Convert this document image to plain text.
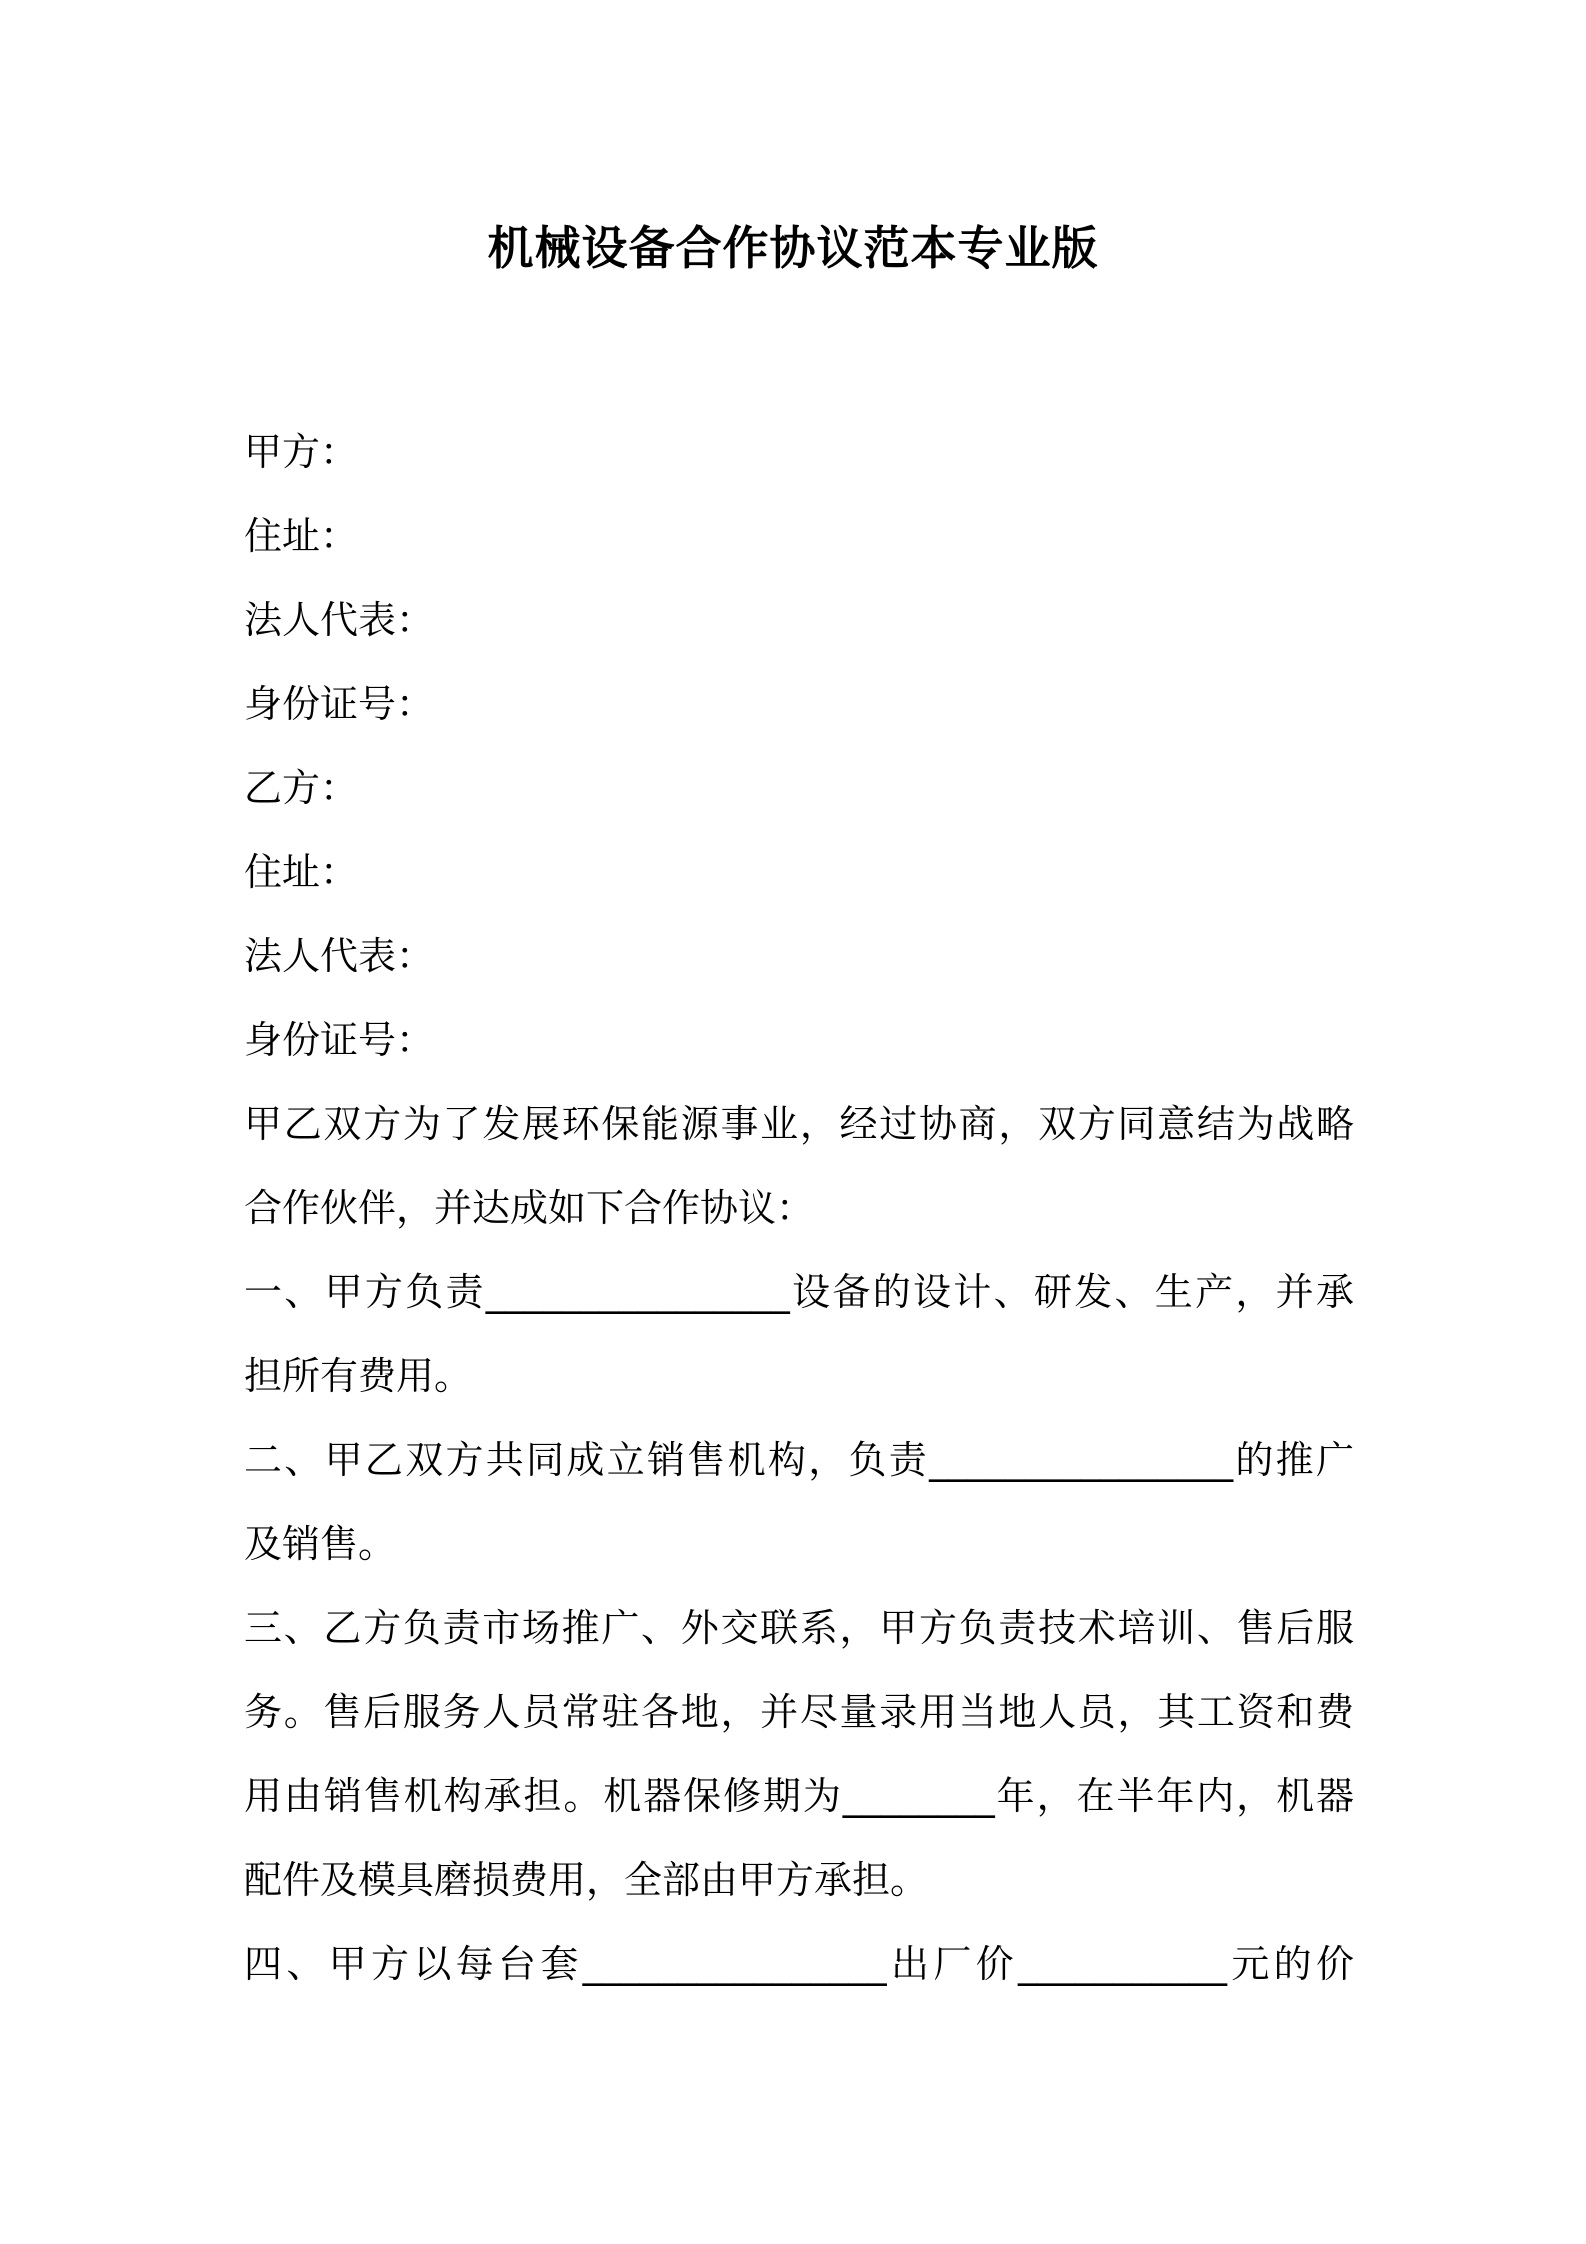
机械设备合作协议范本专业版
甲方：
住址：
法人代表：
身份证号：
乙方：
住址：
法人代表：
身份证号：
甲乙双方为了发展环保能源事业，经过协商，双方同意结为战略
合作伙伴，并达成如下合作协议：
一、甲方负责________________设备的设计、研发、生产，并承
担所有费用。
二、甲乙双方共同成立销售机构，负责________________的推广
及销售。
三、乙方负责市场推广、外交联系，甲方负责技术培训、售后服
务。售后服务人员常驻各地，并尽量录用当地人员，其工资和费
用由销售机构承担。机器保修期为________年，在半年内，机器
配件及模具磨损费用，全部由甲方承担。
四、甲方以每台套________________出厂价___________元的价
